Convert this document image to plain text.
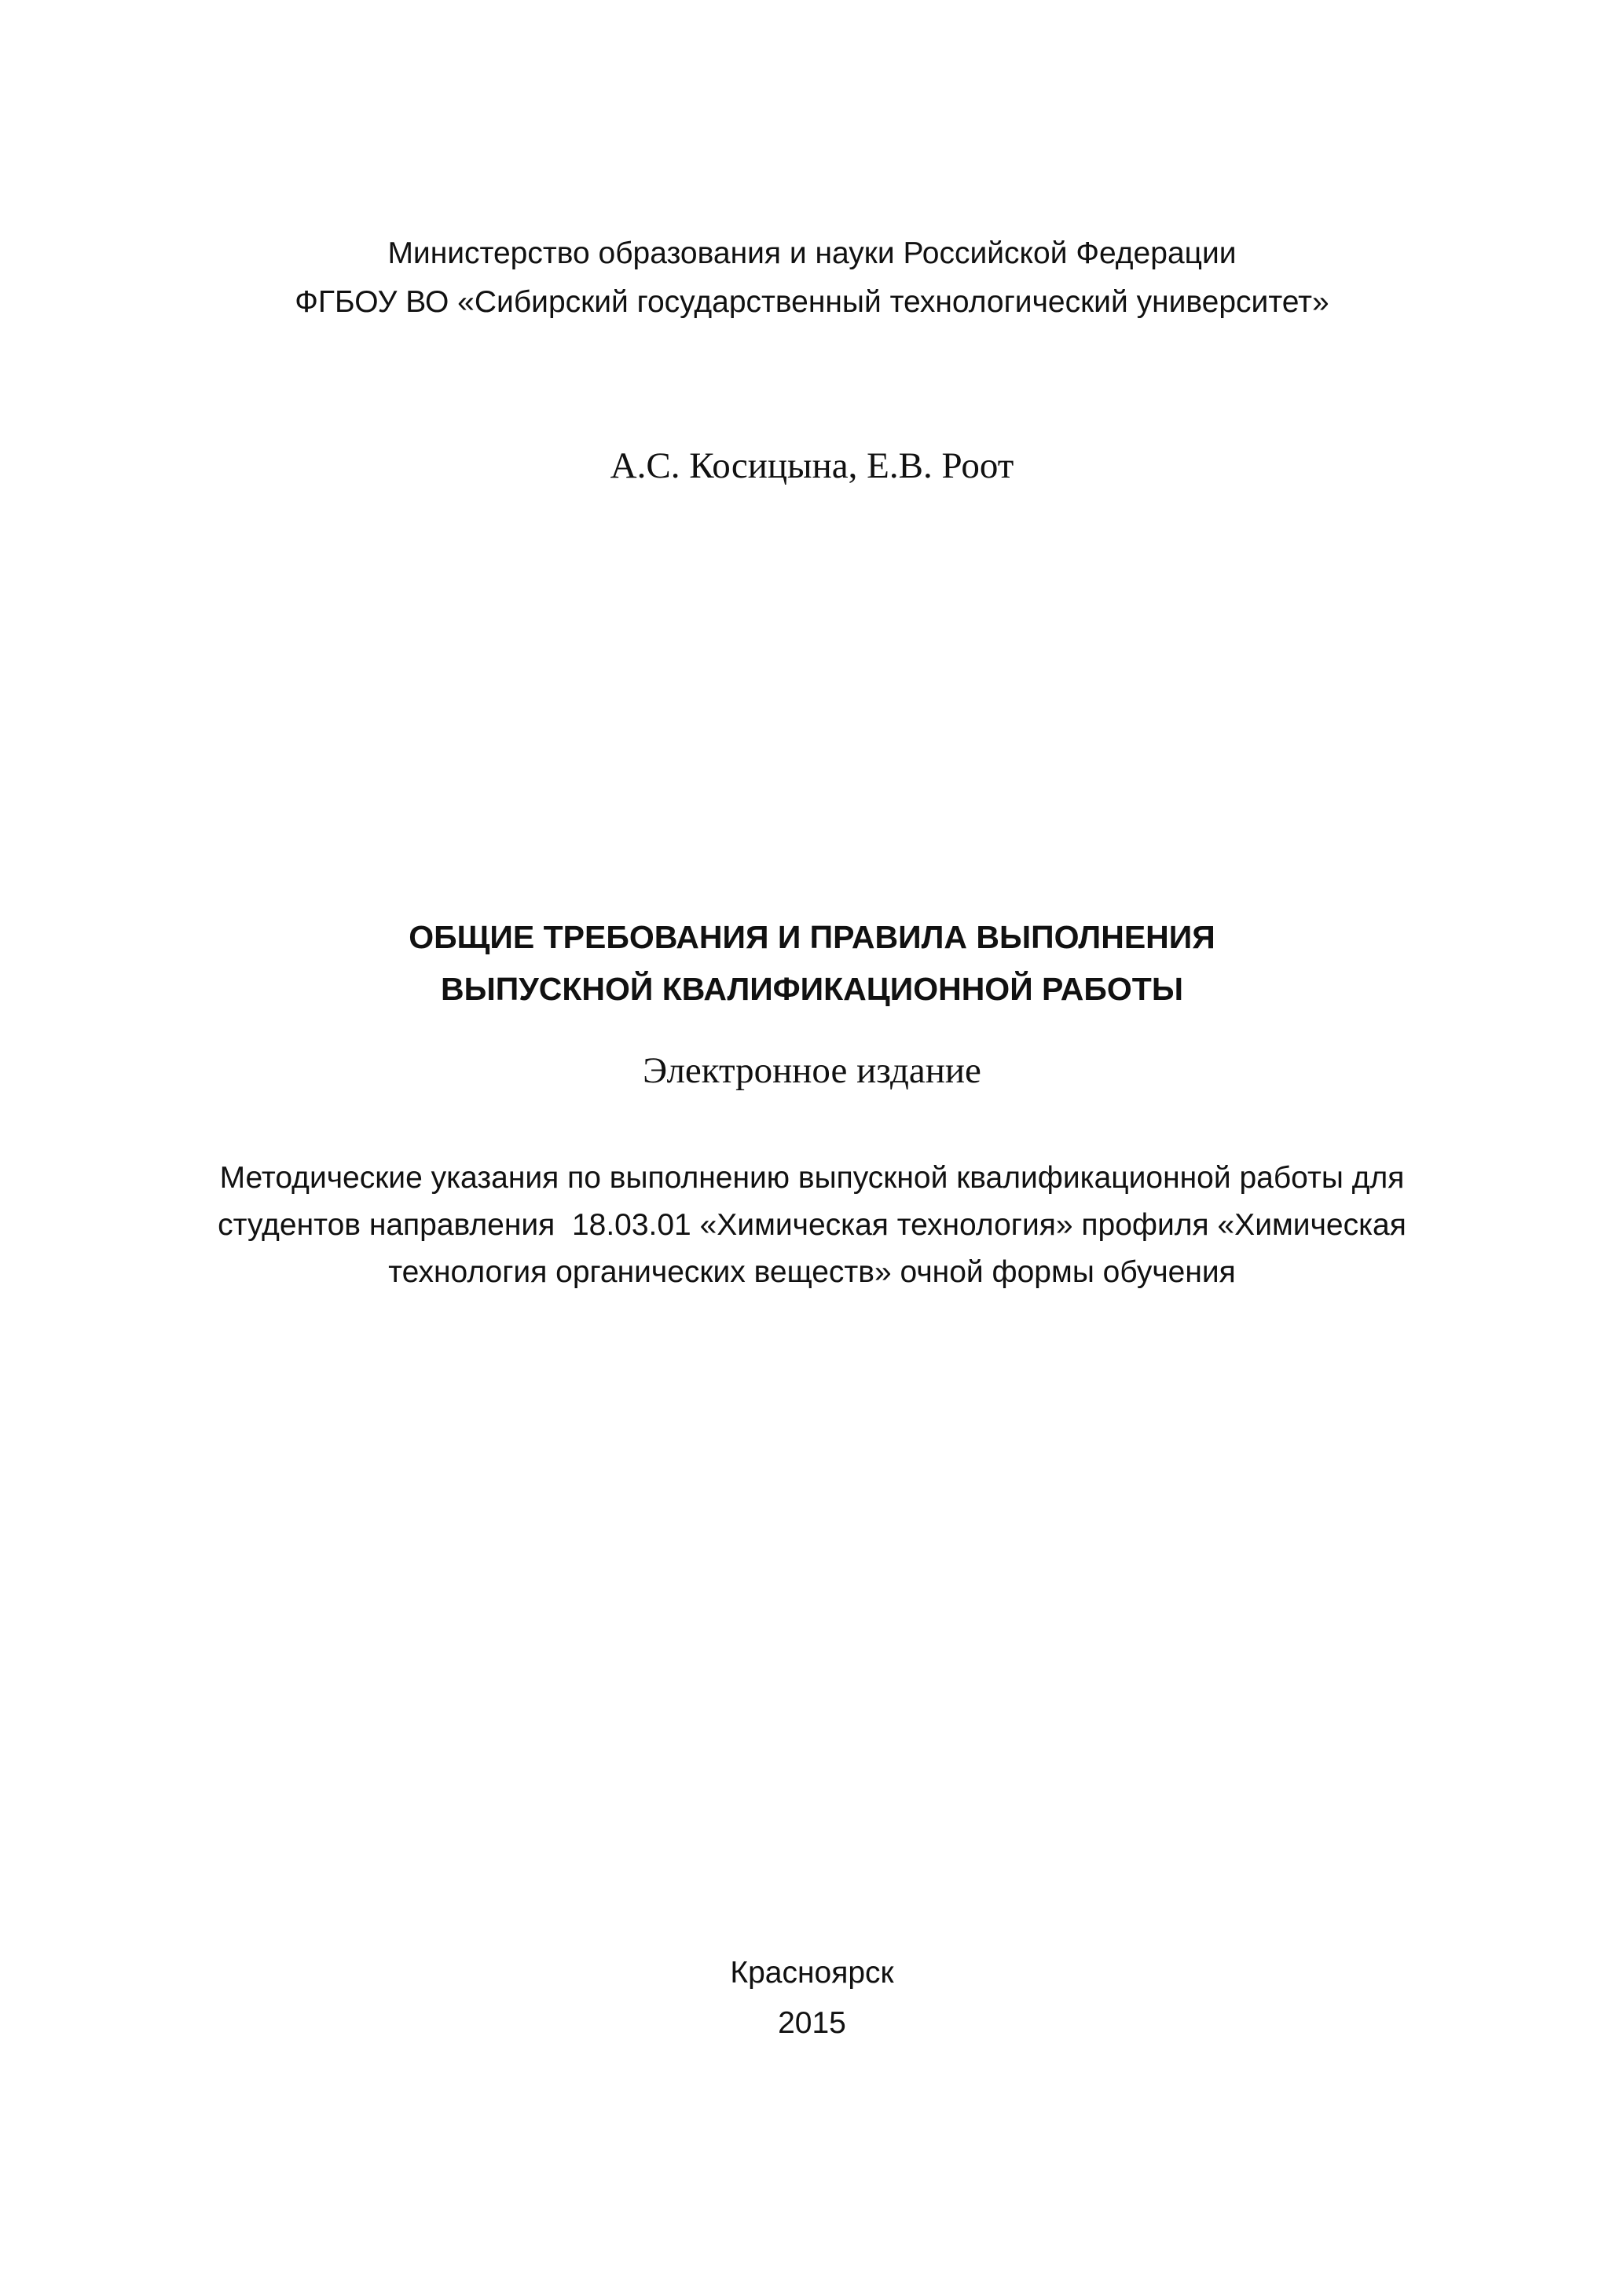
Министерство образования и науки Российской Федерации
ФГБОУ ВО «Сибирский государственный технологический университет»
А.С. Косицына, Е.В. Роот
ОБЩИЕ ТРЕБОВАНИЯ И ПРАВИЛА ВЫПОЛНЕНИЯ
ВЫПУСКНОЙ КВАЛИФИКАЦИОННОЙ РАБОТЫ
Электронное издание
Методические указания по выполнению выпускной квалификационной работы для
студентов направления  18.03.01 «Химическая технология» профиля «Химическая
технология органических веществ» очной формы обучения
Красноярск
2015
